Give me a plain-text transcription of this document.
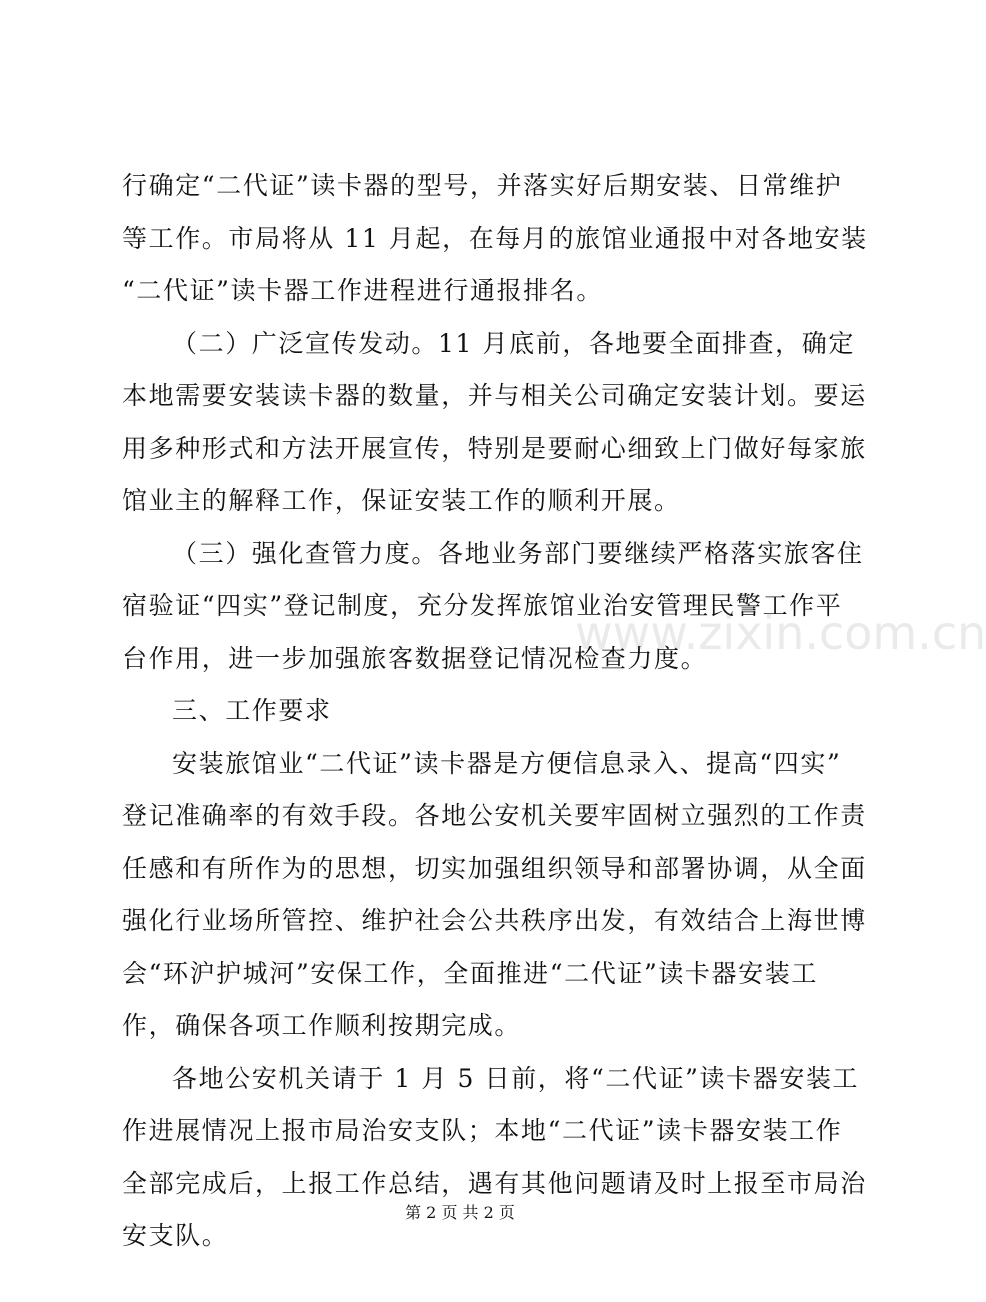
行确定“二代证”读卡器的型号，并落实好后期安装、日常维护
等工作。市局将从 11 月起，在每月的旅馆业通报中对各地安装
“二代证”读卡器工作进程进行通报排名。
（二）广泛宣传发动。11 月底前，各地要全面排查，确定
本地需要安装读卡器的数量，并与相关公司确定安装计划。要运
用多种形式和方法开展宣传，特别是要耐心细致上门做好每家旅
馆业主的解释工作，保证安装工作的顺利开展。
（三）强化查管力度。各地业务部门要继续严格落实旅客住
宿验证“四实”登记制度，充分发挥旅馆业治安管理民警工作平
台作用，进一步加强旅客数据登记情况检查力度。
三、工作要求
安装旅馆业“二代证”读卡器是方便信息录入、提高“四实”
登记准确率的有效手段。各地公安机关要牢固树立强烈的工作责
任感和有所作为的思想，切实加强组织领导和部署协调，从全面
强化行业场所管控、维护社会公共秩序出发，有效结合上海世博
会“环沪护城河”安保工作，全面推进“二代证”读卡器安装工
作，确保各项工作顺利按期完成。
各地公安机关请于 1 月 5 日前，将“二代证”读卡器安装工
作进展情况上报市局治安支队；本地“二代证”读卡器安装工作
全部完成后，上报工作总结，遇有其他问题请及时上报至市局治
安支队。
www.zixin.com.cn
第 2 页 共 2 页
